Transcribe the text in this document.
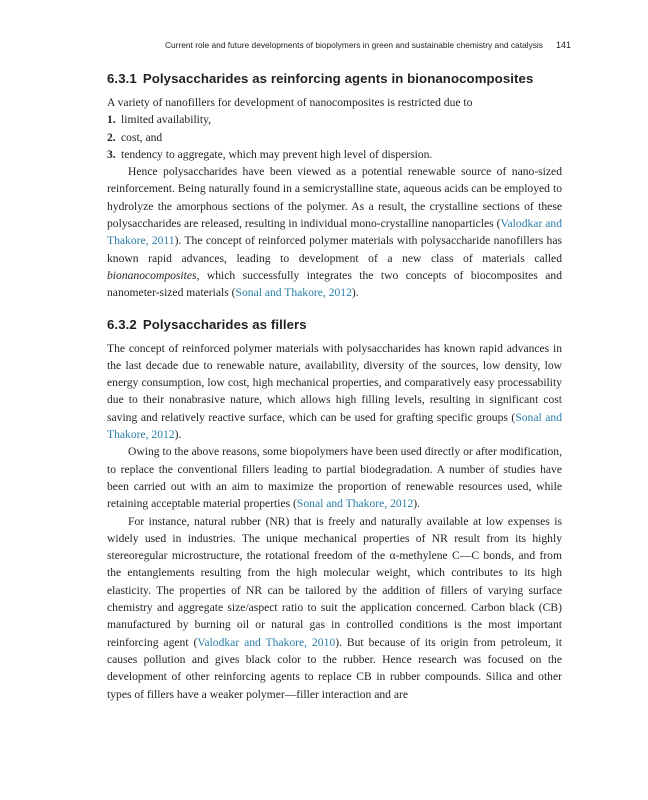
Current role and future developments of biopolymers in green and sustainable chemistry and catalysis 141
6.3.1 Polysaccharides as reinforcing agents in bionanocomposites

A variety of nanofillers for development of nanocomposites is restricted due to

1. limited availability,
2. cost, and
3. tendency to aggregate, which may prevent high level of dispersion.

Hence polysaccharides have been viewed as a potential renewable source of nano-sized reinforcement. Being naturally found in a semicrystalline state, aqueous acids can be employed to hydrolyze the amorphous sections of the polymer. As a result, the crystalline sections of these polysaccharides are released, resulting in individual mono-crystalline nanoparticles (Valodkar and Thakore, 2011). The concept of reinforced polymer materials with polysaccharide nanofillers has known rapid advances, leading to development of a new class of materials called bionanocomposites, which successfully integrates the two concepts of biocomposites and nanometer-sized materials (Sonal and Thakore, 2012).

6.3.2 Polysaccharides as fillers

The concept of reinforced polymer materials with polysaccharides has known rapid advances in the last decade due to renewable nature, availability, diversity of the sources, low density, low energy consumption, low cost, high mechanical properties, and comparatively easy processability due to their nonabrasive nature, which allows high filling levels, resulting in significant cost saving and relatively reactive surface, which can be used for grafting specific groups (Sonal and Thakore, 2012).

Owing to the above reasons, some biopolymers have been used directly or after modification, to replace the conventional fillers leading to partial biodegradation. A number of studies have been carried out with an aim to maximize the proportion of renewable resources used, while retaining acceptable material properties (Sonal and Thakore, 2012).

For instance, natural rubber (NR) that is freely and naturally available at low expenses is widely used in industries. The unique mechanical properties of NR result from its highly stereoregular microstructure, the rotational freedom of the α-methylene C—C bonds, and from the entanglements resulting from the high molecular weight, which contributes to its high elasticity. The properties of NR can be tailored by the addition of fillers of varying surface chemistry and aggregate size/aspect ratio to suit the application concerned. Carbon black (CB) manufactured by burning oil or natural gas in controlled conditions is the most important reinforcing agent (Valodkar and Thakore, 2010). But because of its origin from petroleum, it causes pollution and gives black color to the rubber. Hence research was focused on the development of other reinforcing agents to replace CB in rubber compounds. Silica and other types of fillers have a weaker polymer—filler interaction and are
